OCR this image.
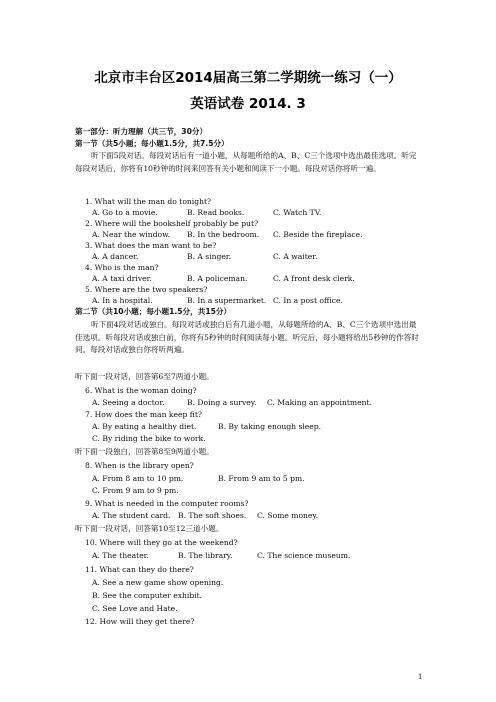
北京市丰台区2014届高三第二学期统一练习（一）
英语试卷 2014. 3
第一部分：听力理解（共三节，30分）
第一节（共5小题；每小题1.5分，共7.5分）
听下面5段对话。每段对话后有一道小题，从每题所给的A、B、C三个选项中选出最佳选项。听完每段对话后，你将有10秒钟的时间来回答有关小题和阅读下一小题。每段对话你将听一遍。
1. What will the man do tonight?
A. Go to a movie.	B. Read books.	C. Watch TV.
2. Where will the bookshelf probably be put?
A. Near the window. B. In the bedroom. C. Beside the fireplace.
3. What does the man want to be?
A. A dancer.	B. A singer.	C. A waiter.
4. Who is the man?
A. A taxi driver.	B. A policeman.	C. A front desk clerk.
5. Where are the two speakers?
A. In a hospital.	B. In a supermarket. C. In a post office.
第二节（共10小题；每小题1.5分，共15分）
听下面4段对话或独白。每段对话或独白后有几道小题，从每题所给的A、B、C三个选项中选出最佳选项。听每段对话或独白前，你将有5秒钟的时间阅读每小题。听完后，每小题将给出5秒钟的作答时间。每段对话或独白你将听两遍。
听下面一段对话，回答第6至7两道小题。
6. What is the woman doing?
A. Seeing a doctor.	B. Doing a survey. C. Making an appointment.
7. How does the man keep fit?
A. By eating a healthy diet.	B. By taking enough sleep.
C. By riding the bike to work.
听下面一段独白，回答第8至9两道小题。
8. When is the library open?
A. From 8 am to 10 pm.	B. From 9 am to 5 pm.
C. From 9 am to 9 pm.
9. What is needed in the computer rooms?
A. The student card. B. The soft shoes. C. Some money.
听下面一段对话，回答第10至12三道小题。
10. Where will they go at the weekend?
A. The theater.	B. The library.	C. The science museum.
11. What can they do there?
A. See a new game show opening.
B. See the computer exhibit.
C. See Love and Hate.
12. How will they get there?
1
